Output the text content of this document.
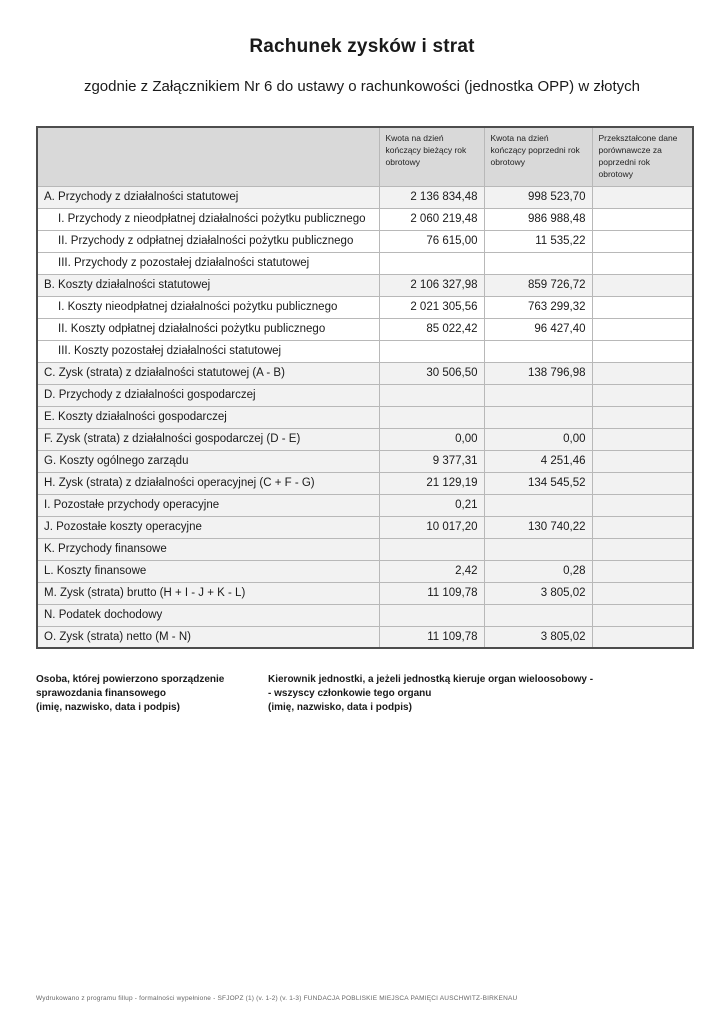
Rachunek zysków i strat
zgodnie z Załącznikiem Nr 6 do ustawy o rachunkowości (jednostka OPP) w złotych
	Kwota na dzień kończący bieżący rok obrotowy	Kwota na dzień kończący poprzedni rok obrotowy	Przekształcone dane porównawcze za poprzedni rok obrotowy
A. Przychody z działalności statutowej	2 136 834,48	998 523,70	
I. Przychody z nieodpłatnej działalności pożytku publicznego	2 060 219,48	986 988,48	
II. Przychody z odpłatnej działalności pożytku publicznego	76 615,00	11 535,22	
III. Przychody z pozostałej działalności statutowej			
B. Koszty działalności statutowej	2 106 327,98	859 726,72	
I. Koszty nieodpłatnej działalności pożytku publicznego	2 021 305,56	763 299,32	
II. Koszty odpłatnej działalności pożytku publicznego	85 022,42	96 427,40	
III. Koszty pozostałej działalności statutowej			
C. Zysk (strata) z działalności statutowej (A - B)	30 506,50	138 796,98	
D. Przychody z działalności gospodarczej			
E. Koszty działalności gospodarczej			
F. Zysk (strata) z działalności gospodarczej (D - E)	0,00	0,00	
G. Koszty ogólnego zarządu	9 377,31	4 251,46	
H. Zysk (strata) z działalności operacyjnej (C + F - G)	21 129,19	134 545,52	
I. Pozostałe przychody operacyjne	0,21		
J. Pozostałe koszty operacyjne	10 017,20	130 740,22	
K. Przychody finansowe			
L. Koszty finansowe	2,42	0,28	
M. Zysk (strata) brutto (H + I - J + K - L)	11 109,78	3 805,02	
N. Podatek dochodowy			
O. Zysk (strata) netto (M - N)	11 109,78	3 805,02	
Osoba, której powierzono sporządzenie
sprawozdania finansowego
(imię, nazwisko, data i podpis)
Kierownik jednostki, a jeżeli jednostką kieruje organ wieloosobowy -
- wszyscy członkowie tego organu
(imię, nazwisko, data i podpis)
Wydrukowano z programu fillup - formalności wypełnione - SFJOPZ (1) (v. 1-2) (v. 1-3) FUNDACJA POBLISKIE MIEJSCA PAMIĘCI AUSCHWITZ-BIRKENAU
